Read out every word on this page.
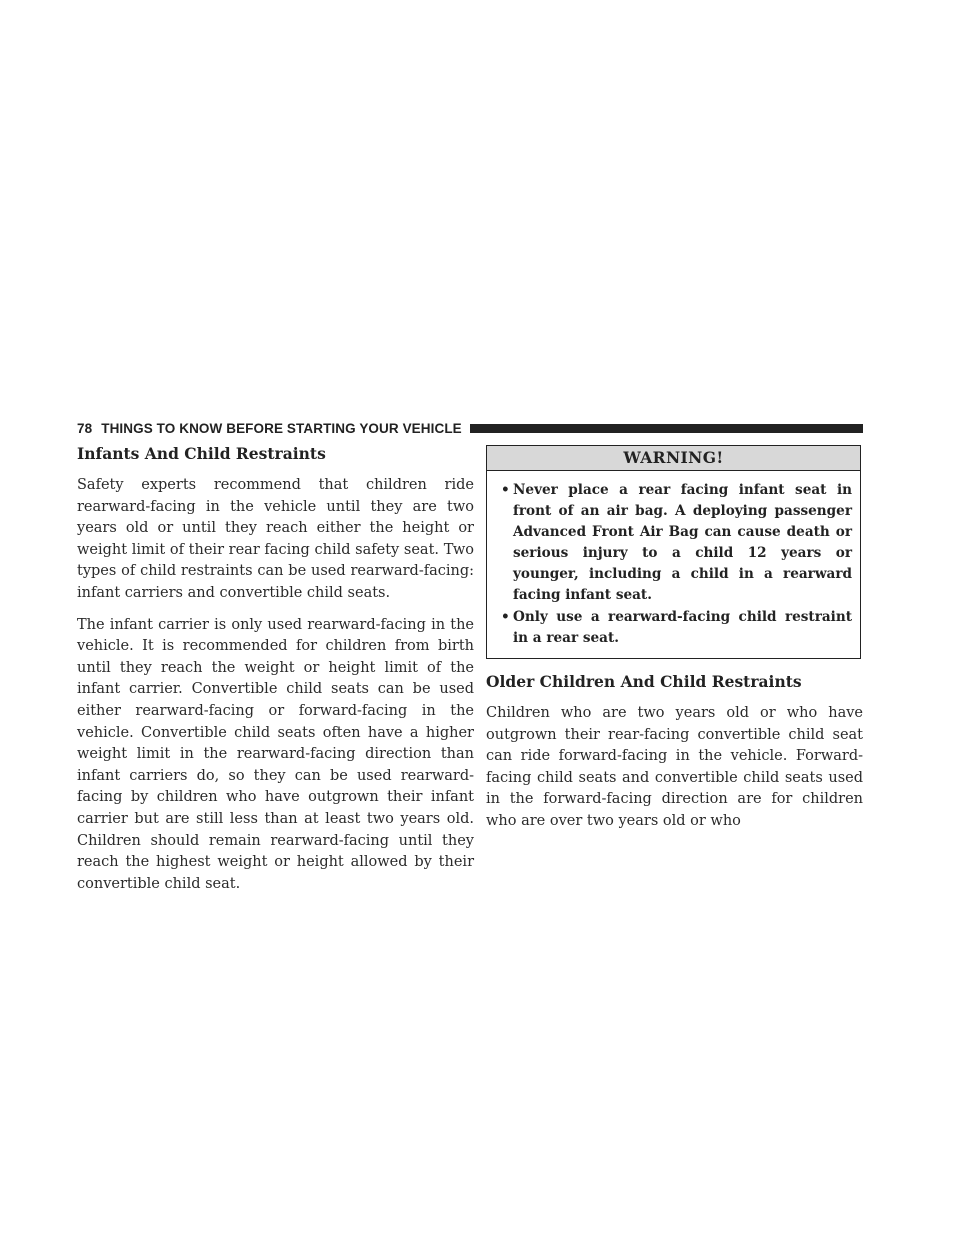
78 THINGS TO KNOW BEFORE STARTING YOUR VEHICLE
Infants And Child Restraints

Safety experts recommend that children ride rearward-facing in the vehicle until they are two years old or until they reach either the height or weight limit of their rear facing child safety seat. Two types of child restraints can be used rearward-facing: infant carriers and convertible child seats.

The infant carrier is only used rearward-facing in the vehicle. It is recommended for children from birth until they reach the weight or height limit of the infant carrier. Convertible child seats can be used either rearward-facing or forward-facing in the vehicle. Convertible child seats often have a higher weight limit in the rearward-facing direction than infant carriers do, so they can be used rearward-facing by children who have outgrown their infant carrier but are still less than at least two years old. Children should remain rearward-facing until they reach the highest weight or height allowed by their convertible child seat.

WARNING!
• Never place a rear facing infant seat in front of an air bag. A deploying passenger Advanced Front Air Bag can cause death or serious injury to a child 12 years or younger, including a child in a rearward facing infant seat.
• Only use a rearward-facing child restraint in a rear seat.
Older Children And Child Restraints

Children who are two years old or who have outgrown their rear-facing convertible child seat can ride forward-facing in the vehicle. Forward-facing child seats and convertible child seats used in the forward-facing direction are for children who are over two years old or who
